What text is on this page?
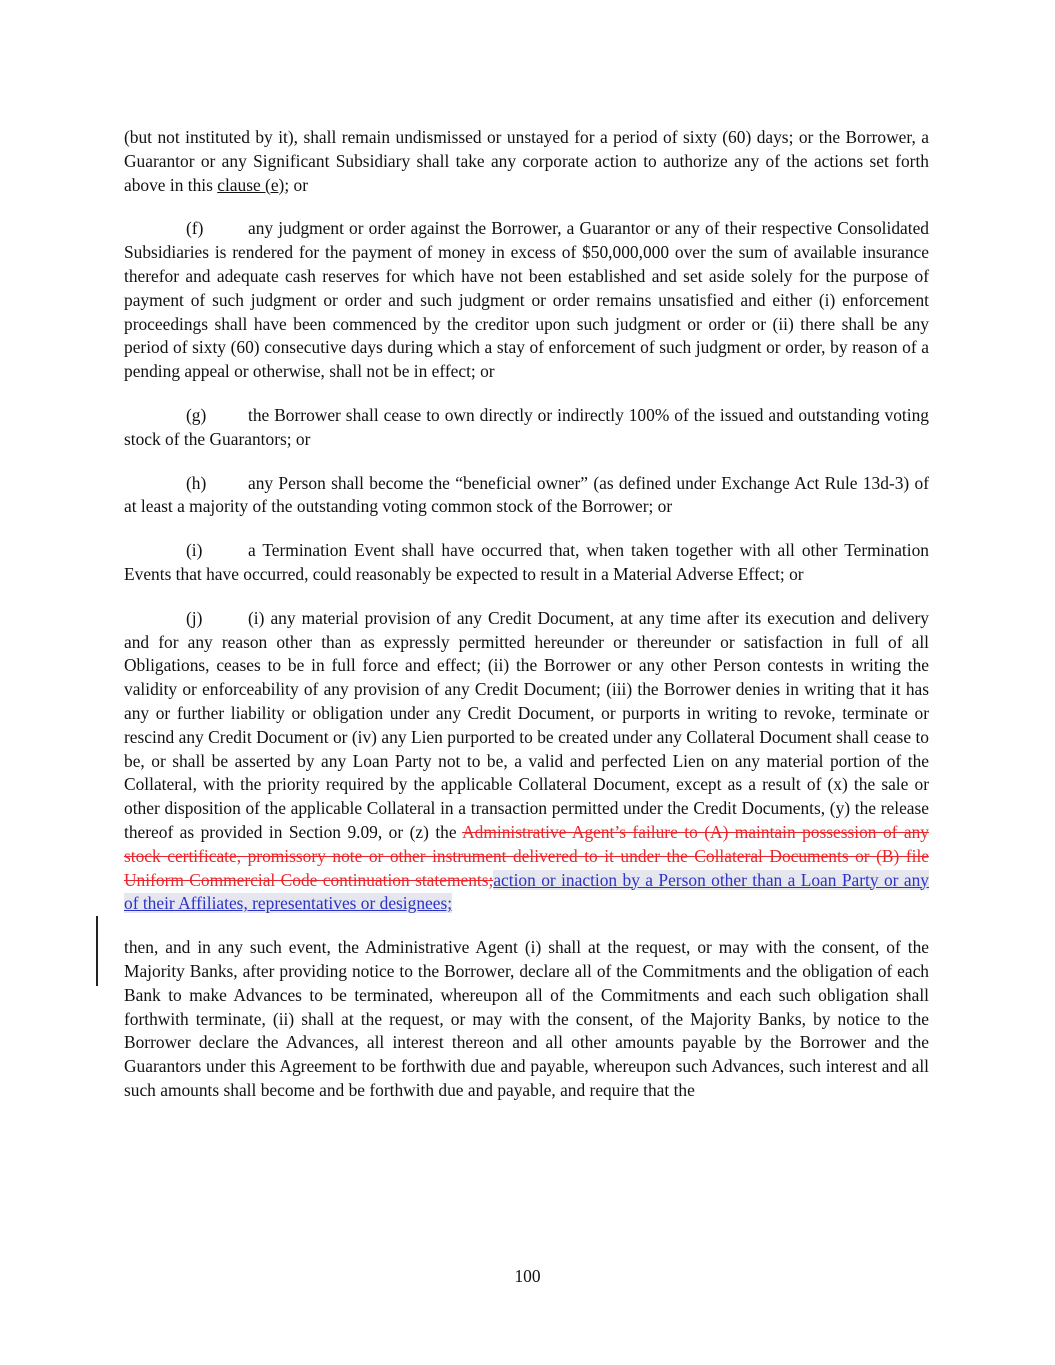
(but not instituted by it), shall remain undismissed or unstayed for a period of sixty (60) days; or the Borrower, a Guarantor or any Significant Subsidiary shall take any corporate action to authorize any of the actions set forth above in this clause (e); or

(f)	any judgment or order against the Borrower, a Guarantor or any of their respective Consolidated Subsidiaries is rendered for the payment of money in excess of $50,000,000 over the sum of available insurance therefor and adequate cash reserves for which have not been established and set aside solely for the purpose of payment of such judgment or order and such judgment or order remains unsatisfied and either (i) enforcement proceedings shall have been commenced by the creditor upon such judgment or order or (ii) there shall be any period of sixty (60) consecutive days during which a stay of enforcement of such judgment or order, by reason of a pending appeal or otherwise, shall not be in effect; or

(g) the Borrower shall cease to own directly or indirectly 100% of the issued and outstanding voting stock of the Guarantors; or

(h) any Person shall become the “beneficial owner” (as defined under Exchange Act Rule 13d-3) of at least a majority of the outstanding voting common stock of the Borrower; or

(i)	a Termination Event shall have occurred that, when taken together with all other Termination Events that have occurred, could reasonably be expected to result in a Material Adverse Effect; or

(j)	(i) any material provision of any Credit Document, at any time after its execution and delivery and for any reason other than as expressly permitted hereunder or thereunder or satisfaction in full of all Obligations, ceases to be in full force and effect; (ii) the Borrower or any other Person contests in writing the validity or enforceability of any provision of any Credit Document; (iii) the Borrower denies in writing that it has any or further liability or obligation under any Credit Document, or purports in writing to revoke, terminate or rescind any Credit Document or (iv) any Lien purported to be created under any Collateral Document shall cease to be, or shall be asserted by any Loan Party not to be, a valid and perfected Lien on any material portion of the Collateral, with the priority required by the applicable Collateral Document, except as a result of (x) the sale or other disposition of the applicable Collateral in a transaction permitted under the Credit Documents, (y) the release thereof as provided in Section 9.09, or (z) the Administrative Agent’s failure to (A) maintain possession of any stock certificate, promissory note or other instrument delivered to it under the Collateral Documents or (B) file Uniform Commercial Code continuation statements;action or inaction by a Person other than a Loan Party or any of their Affiliates, representatives or designees;

then, and in any such event, the Administrative Agent (i) shall at the request, or may with the consent, of the Majority Banks, after providing notice to the Borrower, declare all of the Commitments and the obligation of each Bank to make Advances to be terminated, whereupon all of the Commitments and each such obligation shall forthwith terminate, (ii) shall at the request, or may with the consent, of the Majority Banks, by notice to the Borrower declare the Advances, all interest thereon and all other amounts payable by the Borrower and the Guarantors under this Agreement to be forthwith due and payable, whereupon such Advances, such interest and all such amounts shall become and be forthwith due and payable, and require that the

100
